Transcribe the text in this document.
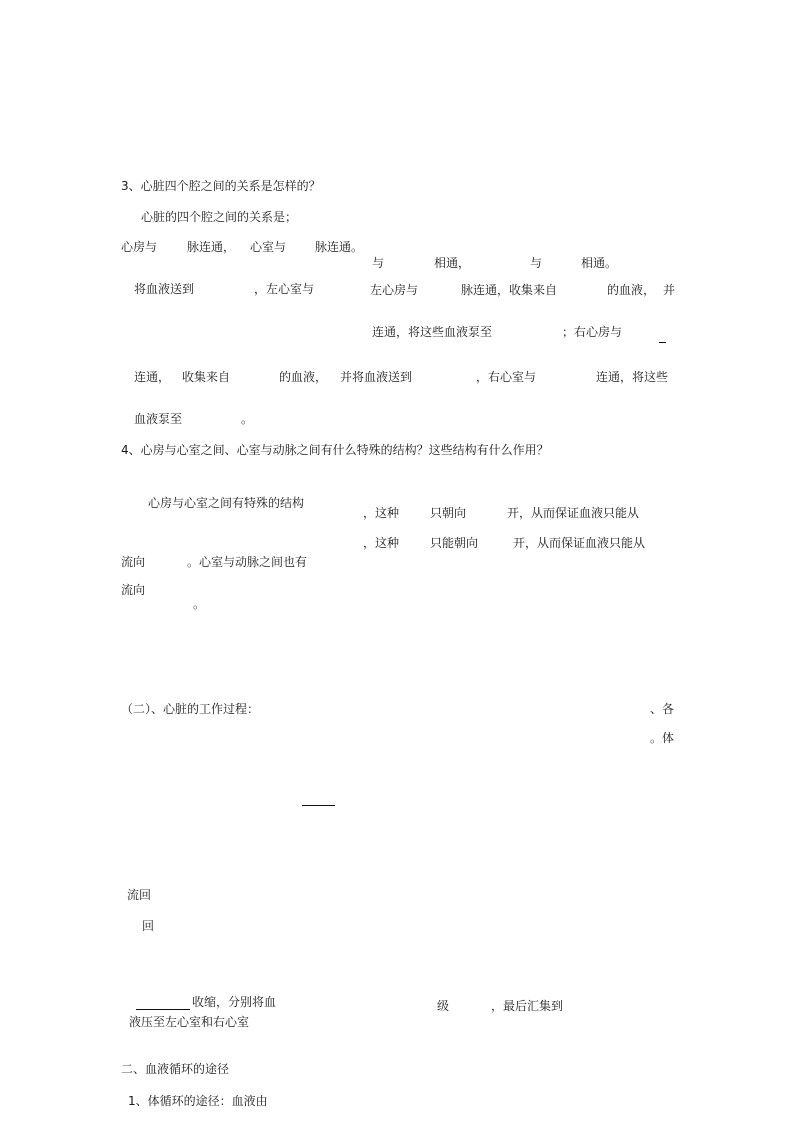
3、心脏四个腔之间的关系是怎样的？
心脏的四个腔之间的关系是；
心房与 脉连通， 心室与 脉连通。
与	相通，	与	相通。
将血液送到	，左心室与	左心房与	脉连通，收集来自	的血液， 并
连通，将这些血液泵至	；右心房与
连通， 收集来自	的血液， 并将血液送到	， 右心室与	连通，将这些
血液泵至	。
4、心房与心室之间、心室与动脉之间有什么特殊的结构？这些结构有什么作用？
心房与心室之间有特殊的结构
，这种	只朝向	开，从而保证血液只能从
，这种	只能朝向	开，从而保证血液只能从
流向	。心室与动脉之间也有
流向
。
（二）、心脏的工作过程：	、各
。体
流回
回
收缩，分别将血	级	，最后汇集到
液压至左心室和右心室
二、血液循环的途径
1、体循环的途径：血液由
